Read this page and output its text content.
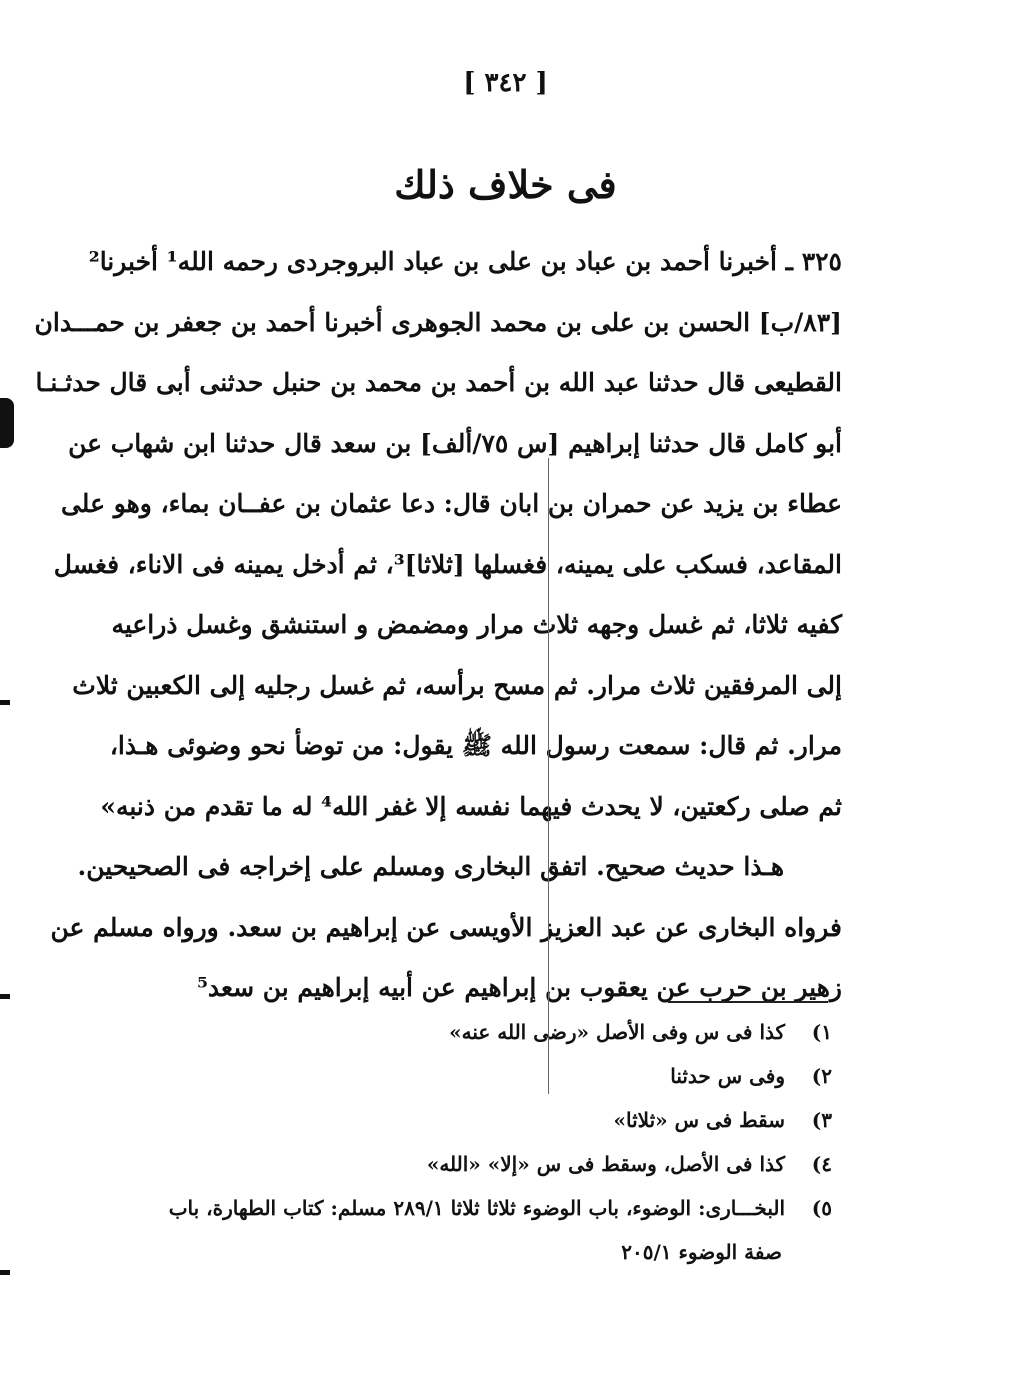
[ ٣٤٢ ]
فى خلاف ذلك
٣٢٥ ـ أخبرنا أحمد بن عباد بن على بن عباد البروجردى رحمه الله¹ أخبرنا²
[٨٣/ب] الحسن بن على بن محمد الجوهرى أخبرنا أحمد بن جعفر بن حمـــدان
القطيعى قال حدثنا عبد الله بن أحمد بن محمد بن حنبل حدثنى أبى قال حدثـنـا
أبو كامل قال حدثنا إبراهيم [س ٧٥/ألف] بن سعد قال حدثنا ابن شهاب عن
عطاء بن يزيد عن حمران بن ابان قال: دعا عثمان بن عفــان بماء، وهو على
المقاعد، فسكب على يمينه، فغسلها [ثلاثا]³، ثم أدخل يمينه فى الاناء، فغسل
كفيه ثلاثا، ثم غسل وجهه ثلاث مرار ومضمض و استنشق وغسل ذراعيه
إلى المرفقين ثلاث مرار. ثم مسح برأسه، ثم غسل رجليه إلى الكعبين ثلاث
مرار. ثم قال: سمعت رسول الله ﷺ يقول: من توضأ نحو وضوئى هـذا،
ثم صلى ركعتين، لا يحدث فيهما نفسه إلا غفر الله⁴ له ما تقدم من ذنبه»
هـذا حديث صحيح. اتفق البخارى ومسلم على إخراجه فى الصحيحين.
فرواه البخارى عن عبد العزيز الأويسى عن إبراهيم بن سعد. ورواه مسلم عن
زهير بن حرب عن يعقوب بن إبراهيم عن أبيه إبراهيم بن سعد⁵
١) كذا فى س وفى الأصل «رضى الله عنه»
٢) وفى س حدثنا
٣) سقط فى س «ثلاثا»
٤) كذا فى الأصل، وسقط فى س «إلا» «الله»
٥) البخـــارى: الوضوء، باب الوضوء ثلاثا ثلاثا ٢٨٩/١ مسلم: كتاب الطهارة، باب
صفة الوضوء ٢٠٥/١
